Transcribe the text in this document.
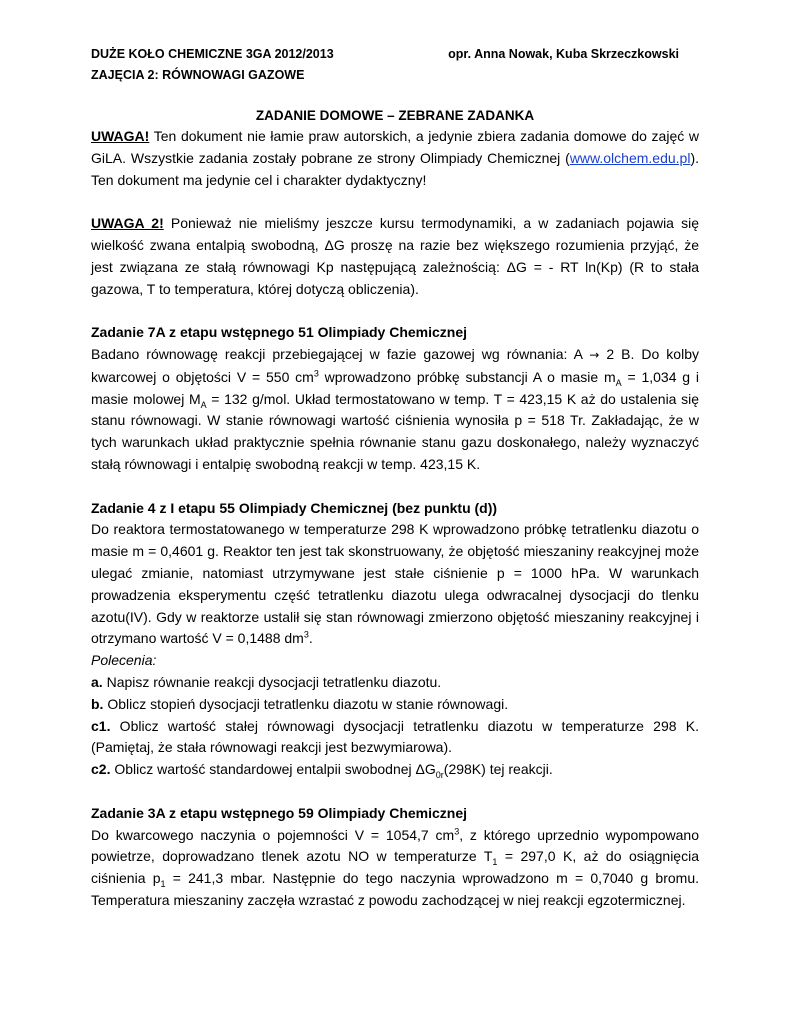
DUŻE KOŁO CHEMICZNE 3GA 2012/2013	opr. Anna Nowak, Kuba Skrzeczkowski
ZAJĘCIA 2: RÓWNOWAGI GAZOWE
ZADANIE DOMOWE – ZEBRANE ZADANKA

UWAGA! Ten dokument nie łamie praw autorskich, a jedynie zbiera zadania domowe do zajęć w GiLA. Wszystkie zadania zostały pobrane ze strony Olimpiady Chemicznej (www.olchem.edu.pl). Ten dokument ma jedynie cel i charakter dydaktyczny!

UWAGA 2! Ponieważ nie mieliśmy jeszcze kursu termodynamiki, a w zadaniach pojawia się wielkość zwana entalpią swobodną, ΔG proszę na razie bez większego rozumienia przyjąć, że jest związana ze stałą równowagi Kp następującą zależnością: ΔG = - RT ln(Kp) (R to stała gazowa, T to temperatura, której dotyczą obliczenia).

Zadanie 7A z etapu wstępnego 51 Olimpiady Chemicznej

Badano równowagę reakcji przebiegającej w fazie gazowej wg równania: A → 2 B. Do kolby kwarcowej o objętości V = 550 $cm^3$ wprowadzono próbkę substancji A o masie $m_A = 1,034$ g i masie molowej $M_A = 132$ g/mol. Układ termostatowano w temp. T = 423,15 K aż do ustalenia się stanu równowagi. W stanie równowagi wartość ciśnienia wynosiła p = 518 Tr. Zakładając, że w tych warunkach układ praktycznie spełnia równanie stanu gazu doskonałego, należy wyznaczyć stałą równowagi i entalpię swobodną reakcji w temp. 423,15 K.

Zadanie 4 z I etapu 55 Olimpiady Chemicznej (bez punktu (d))

Do reaktora termostatowanego w temperaturze 298 K wprowadzono próbkę tetratlenku diazotu o masie m = 0,4601 g. Reaktor ten jest tak skonstruowany, że objętość mieszaniny reakcyjnej może ulegać zmianie, natomiast utrzymywane jest stałe ciśnienie p = 1000 hPa. W warunkach prowadzenia eksperymentu część tetratlenku diazotu ulega odwracalnej dysocjacji do tlenku azotu(IV). Gdy w reaktorze ustalił się stan równowagi zmierzono objętość mieszaniny reakcyjnej i otrzymano wartość V = 0,1488 $dm^3$.

Polecenia:

a. Napisz równanie reakcji dysocjacji tetratlenku diazotu.

b. Oblicz stopień dysocjacji tetratlenku diazotu w stanie równowagi.

c1. Oblicz wartość stałej równowagi dysocjacji tetratlenku diazotu w temperaturze 298 K. (Pamiętaj, że stała równowagi reakcji jest bezwymiarowa).

c2. Oblicz wartość standardowej entalpii swobodnej $\Delta G_{0r}(298K)$ tej reakcji.

Zadanie 3A z etapu wstępnego 59 Olimpiady Chemicznej

Do kwarcowego naczynia o pojemności V = 1054,7 $cm^3$, z którego uprzednio wypompowano powietrze, doprowadzano tlenek azotu NO w temperaturze $T_1 = 297,0$ K, aż do osiągnięcia ciśnienia $p_1 = 241,3$ mbar. Następnie do tego naczynia wprowadzono m = 0,7040 g bromu. Temperatura mieszaniny zaczęła wzrastać z powodu zachodzącej w niej reakcji egzotermicznej.
